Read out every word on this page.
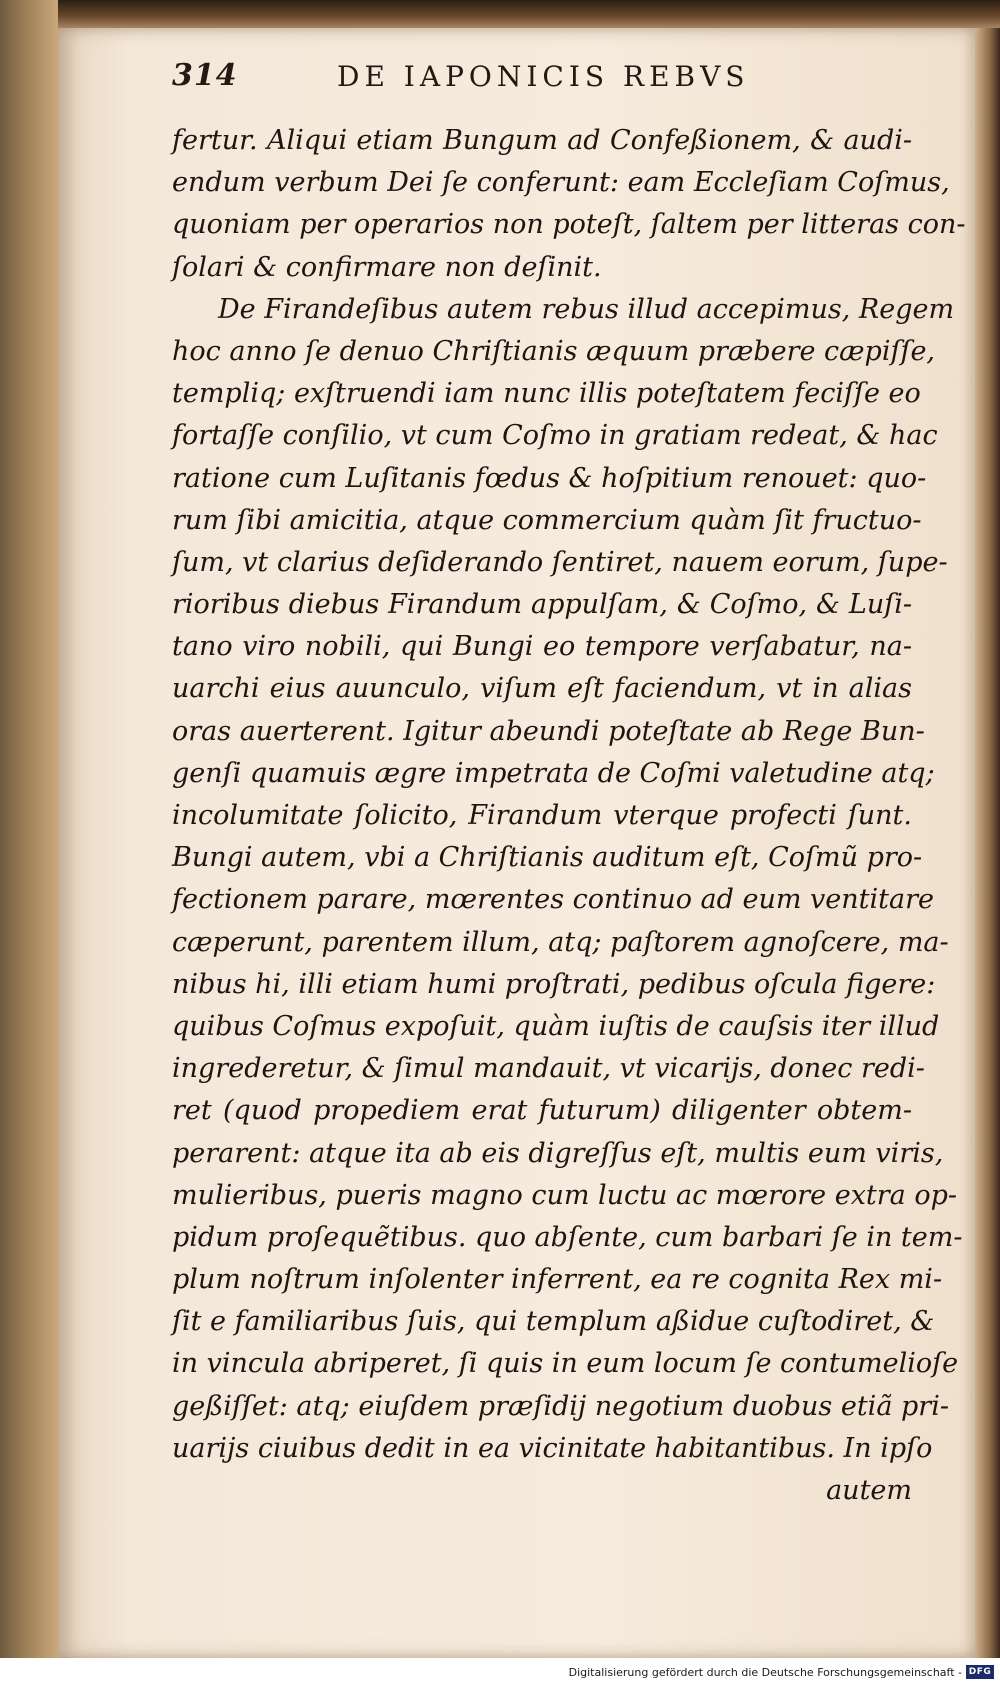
314	DE IAPONICIS REBVS
fertur. Aliqui etiam Bungum ad Confeßionem, & audi-
endum verbum Dei ſe conferunt: eam Eccleſiam Coſmus,
quoniam per operarios non poteſt, ſaltem per litteras con-
ſolari & confirmare non deſinit.
De Firandeſibus autem rebus illud accepimus, Regem
hoc anno ſe denuo Chriſtianis æquum præbere cæpiſſe,
templiq; exſtruendi iam nunc illis poteſtatem feciſſe eo
fortaſſe conſilio, vt cum Coſmo in gratiam redeat, & hac
ratione cum Luſitanis fœdus & hoſpitium renouet: quo-
rum ſibi amicitia, atque commercium quàm ſit fructuo-
ſum, vt clarius deſiderando ſentiret, nauem eorum, ſupe-
rioribus diebus Firandum appulſam, & Coſmo, & Luſi-
tano viro nobili, qui Bungi eo tempore verſabatur, na-
uarchi eius auunculo, viſum eſt faciendum, vt in alias
oras auerterent. Igitur abeundi poteſtate ab Rege Bun-
genſi quamuis ægre impetrata de Coſmi valetudine atq;
incolumitate ſolicito, Firandum vterque profecti ſunt.
Bungi autem, vbi a Chriſtianis auditum eſt, Coſmũ pro-
fectionem parare, mœrentes continuo ad eum ventitare
cæperunt, parentem illum, atq; paſtorem agnoſcere, ma-
nibus hi, illi etiam humi proſtrati, pedibus oſcula figere:
quibus Coſmus expoſuit, quàm iuſtis de cauſsis iter illud
ingrederetur, & ſimul mandauit, vt vicarijs, donec redi-
ret (quod propediem erat futurum) diligenter obtem-
perarent: atque ita ab eis digreſſus eſt, multis eum viris,
mulieribus, pueris magno cum luctu ac mœrore extra op-
pidum proſequẽtibus. quo abſente, cum barbari ſe in tem-
plum noſtrum inſolenter inferrent, ea re cognita Rex mi-
ſit e familiaribus ſuis, qui templum aßidue cuſtodiret, &
in vincula abriperet, ſi quis in eum locum ſe contumelioſe
geßiſſet: atq; eiuſdem præſidij negotium duobus etiã pri-
uarijs ciuibus dedit in ea vicinitate habitantibus. In ipſo
autem
Digitalisierung gefördert durch die Deutsche Forschungsgemeinschaft - DFG
